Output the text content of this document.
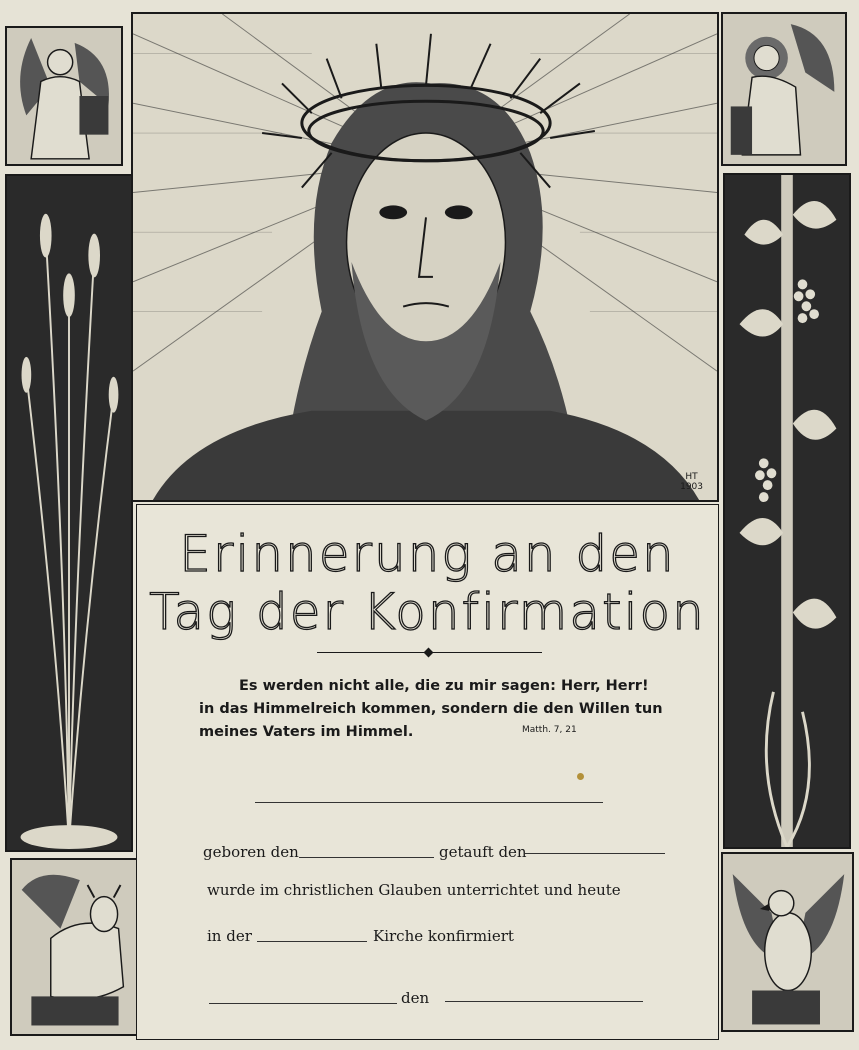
HT
1903
Erinnerung an den
Tag der Konfirmation
Es werden nicht alle, die zu mir sagen: Herr, Herr!
in das Himmelreich kommen, sondern die den Willen tun
meines Vaters im Himmel.	Matth. 7, 21
geboren den	getauft den
wurde im christlichen Glauben unterrichtet und heute
in der	Kirche konfirmiert
den
